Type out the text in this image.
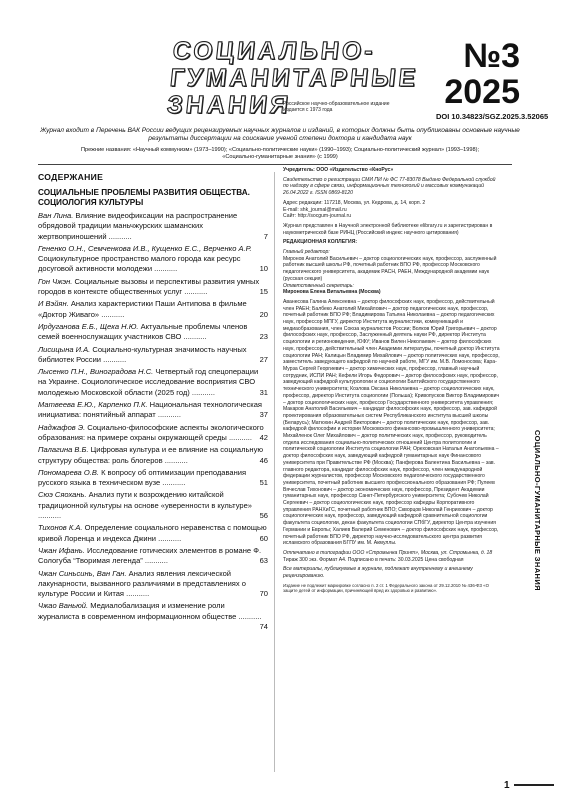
СОЦИАЛЬНО-
ГУМАНИТАРНЫЕ
ЗНАНИЯ
№3
2025
Российское научно-образовательное издание
Издается с 1973 года
DOI 10.34823/SGZ.2025.3.52065
Журнал входит в Перечень ВАК России ведущих рецензируемых научных журналов и изданий, в которых должны быть опубликованы основные научные результаты диссертации на соискание ученой степени доктора и кандидата наук
Прежние названия: «Научный коммунизм» (1973–1990); «Социально-политические науки» (1990–1993); Социально-политический журнал» (1993–1998);
«Социально-гуманитарные знания» (с 1999)
СОДЕРЖАНИЕ
СОЦИАЛЬНЫЕ ПРОБЛЕМЫ РАЗВИТИЯ ОБЩЕСТВА. СОЦИОЛОГИЯ КУЛЬТУРЫ
Ван Лина. Влияние видеофиксации на распространение обрядовой традиции маньчжурских шаманских жертвоприношений ...........	7
Гененко О.Н., Семченкова И.В., Кущенко Е.С., Верченко А.Р. Социокультурное пространство малого города как ресурс досуговой активности молодежи ...........	10
Гон Чжэн. Социальные вызовы и перспективы развития умных городов в контексте общественных услуг ...........	15
И Вэйян. Анализ характеристики Паши Антипова в фильме «Доктор Живаго» ...........	20
Ирдуганова Е.Б., Щека Н.Ю. Актуальные проблемы членов семей военнослужащих участников СВО ...........	23
Лисицына И.А. Социально-культурная значимость научных библиотек России ...........	27
Лысенко П.Н., Виноградова Н.С. Четвертый год спецоперации на Украине. Социологическое исследование восприятия СВО молодежью Московской области (2025 год) ...........	31
Матвеева Е.Ю., Карпенко П.К. Национальная технологическая инициатива: понятийный аппарат ...........	37
Наджафов Э. Социально-философские аспекты экологического образования: на примере охраны окружающей среды ........... 42
Палагина В.Б. Цифровая культура и ее влияние на социальную структуру общества: роль блогеров ...........	46
Пономарева О.В. К вопросу об оптимизации преподавания русского языка в техническом вузе ...........	51
Сюэ Сяохань. Анализ пути к возрождению китайской традиционной культуры на основе «уверенности в культуре» ...........	56
Тихонов К.А. Определение социального неравенства с помощью кривой Лоренца и индекса Джини ...........	60
Чжан Ифань. Исследование готических элементов в романе Ф. Сологуба “Творимая легенда” ...........	63
Чжан Синьсинь, Ван Ган. Анализ явления лексической лакунарности, вызванного различиями в представлениях о культуре России и Китая ...........	70
Чжао Ваньюй. Медиалобализация и изменение роли журналиста в современном информационном обществе ...........
74

Учредитель: ООО «Издательство «КноРус»

Свидетельство о регистрации СМИ ПИ № ФС 77-83078 Выдано Федеральной службой по надзору в сфере связи, информационных технологий и массовых коммуникаций 26.04.2022 г. ISSN 0869-8120

Адрес редакции: 117218, Москва, ул. Кедрова, д. 14, корп. 2
E-mail: shk_journal@mail.ru
Сайт: http://socgum-journal.ru

Журнал представлен в Научной электронной библиотеке elibrary.ru и зарегистрирован в наукометрической базе РИНЦ (Российский индекс научного цитирования)

РЕДАКЦИОННАЯ КОЛЛЕГИЯ:

Главный редактор:
Миронов Анатолий Васильевич – доктор социологических наук, профессор, заслуженный работник высшей школы РФ, почетный работник ВПО РФ, профессор Московского педагогического университета, академик РАСН, РАЕН, Международной академии наук (русская секция)
Ответственный секретарь:
Миронова Елена Витальевна (Москва)

Аванесова Галина Алексеевна – доктор философских наук, профессор, действительный член РАЕН; Балбеко Анатолий Михайлович – доктор педагогических наук, профессор, почетный работник ВПО РФ; Владимирова Татьяна Николаевна – доктор педагогических наук, профессор МПГУ, директор Института журналистики, коммуникаций и медиаобразования, член Союза журналистов России; Волков Юрий Григорьевич – доктор философских наук, профессор, Заслуженный деятель науки РФ, директор Института социологии и регионоведения, ЮФУ; Иванов Вилен Николаевич – доктор философских наук, профессор, действительный член Академии литературы, почетный доктор Института социологии РАН; Калицын Владимир Михайлович – доктор политических наук, профессор, заместитель заведующего кафедрой по научной работе, МГУ им. М.В. Ломоносова; Кара-Мурза Сергей Георгиевич – доктор химических наук, профессор, главный научный сотрудник, ИСПИ РАН; Кефели Игорь Федорович – доктор философских наук, профессор, заведующий кафедрой культурологии и социологии Балтийского государственного технического университета; Козлова Оксана Николаевна – доктор социологических наук, профессор, директор Института социологии (Польша); Кривопусков Виктор Владимирович – доктор социологических наук, профессор Государственного университета управления; Макаров Анатолий Васильевич – кандидат философских наук, профессор, зав. кафедрой проектирования образовательных систем Республиканского института высшей школы (Беларусь); Матюхин Андрей Викторович – доктор политических наук, профессор, зав. кафедрой философии и истории Московского финансово-промышленного университета; Михайленок Олег Михайлович – доктор политических наук, профессор, руководитель отдела исследования социально-политических отношений Центра политологии и политической социологии Института социологии РАН; Ореховская Наталья Анатольевна – доктор философских наук, заведующий кафедрой гуманитарных наук Финансового университета при Правительстве РФ (Москва); Панферова Валентина Васильевна – зав. главного редактора, кандидат философских наук, профессор, член международной федерации журналистов, профессор Московского педагогического государственного университета, почетный работник высшего профессионального образования РФ; Пулеев Вячеслав Тихонович – доктор экономических наук, профессор, Президент Академии гуманитарных наук, профессор Санкт-Петербургского университета; Субочев Николай Сергеевич – доктор социологических наук, профессор кафедры Корпоративного управления РАНХиГС, почетный работник ВПО; Скворцов Николай Генрихович – доктор социологических наук, профессор, заведующий кафедрой сравнительной социологии факультета социологии, декан факультета социологии СПбГУ, директор Центра изучения Германии и Европы; Халиев Валерий Семенович – доктор философских наук, профессор, почетный работник ВПО РФ, директор научно-исследовательского центра развития исламского образования БГПУ им. М. Акмуллы.

Отпечатано в типографии ООО «Стромынка Принт», Москва, ул. Стромынка, д. 18
Тираж 300 экз. Формат А4. Подписано в печать: 30.03.2025 Цена свободная

Все материалы, публикуемые в журнале, подлежат внутреннему и внешнему рецензированию.

Издание не подлежит маркировке согласно п. 2 ст. 1 Федерального закона от 29.12.2010 № 436-ФЗ «О защите детей от информации, причиняющей вред их здоровью и развитию».	СОЦИАЛЬНО-ГУМАНИТАРНЫЕ ЗНАНИЯ
1
